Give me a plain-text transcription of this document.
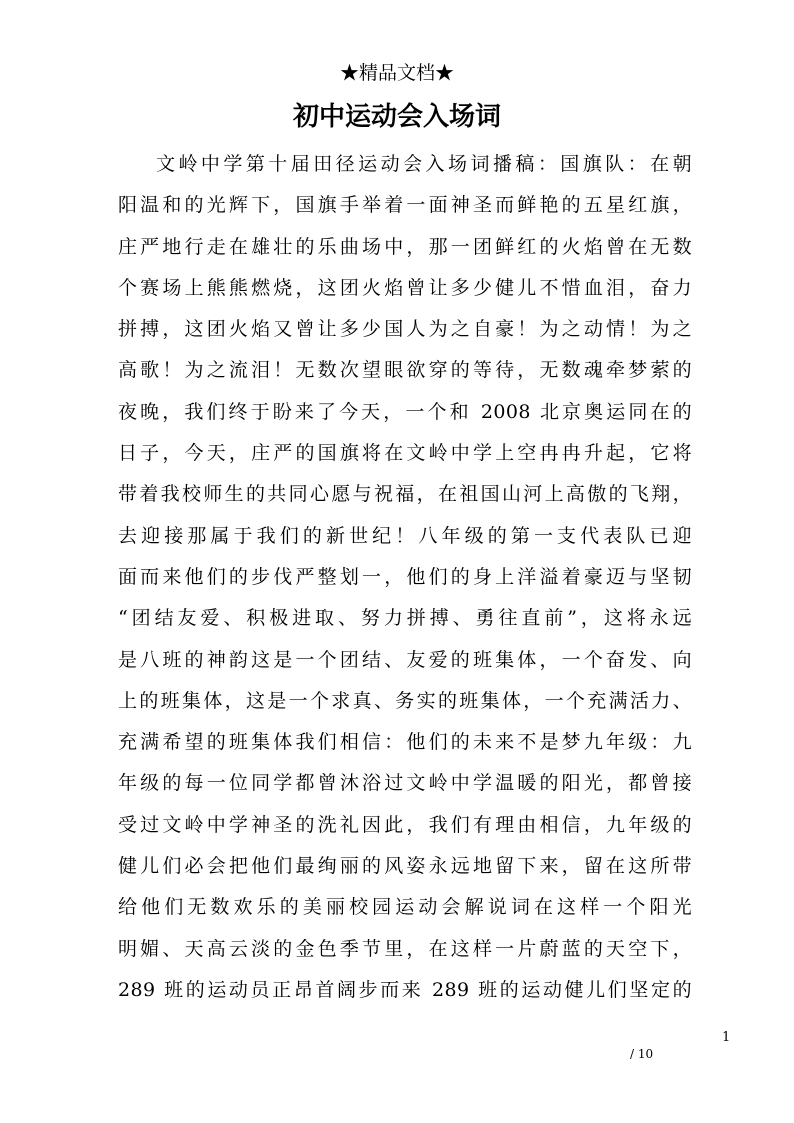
★精品文档★
初中运动会入场词
文岭中学第十届田径运动会入场词播稿：国旗队：在朝
阳温和的光辉下，国旗手举着一面神圣而鲜艳的五星红旗，
庄严地行走在雄壮的乐曲场中，那一团鲜红的火焰曾在无数
个赛场上熊熊燃烧，这团火焰曾让多少健儿不惜血泪，奋力
拼搏，这团火焰又曾让多少国人为之自豪！为之动情！为之
高歌！为之流泪！无数次望眼欲穿的等待，无数魂牵梦萦的
夜晚，我们终于盼来了今天，一个和 2008 北京奥运同在的
日子，今天，庄严的国旗将在文岭中学上空冉冉升起，它将
带着我校师生的共同心愿与祝福，在祖国山河上高傲的飞翔，
去迎接那属于我们的新世纪！八年级的第一支代表队已迎
面而来他们的步伐严整划一，他们的身上洋溢着豪迈与坚韧
“团结友爱、积极进取、努力拼搏、勇往直前”，这将永远
是八班的神韵这是一个团结、友爱的班集体，一个奋发、向
上的班集体，这是一个求真、务实的班集体，一个充满活力、
充满希望的班集体我们相信：他们的未来不是梦九年级：九
年级的每一位同学都曾沐浴过文岭中学温暖的阳光，都曾接
受过文岭中学神圣的洗礼因此，我们有理由相信，九年级的
健儿们必会把他们最绚丽的风姿永远地留下来，留在这所带
给他们无数欢乐的美丽校园运动会解说词在这样一个阳光
明媚、天高云淡的金色季节里，在这样一片蔚蓝的天空下，
289 班的运动员正昂首阔步而来 289 班的运动健儿们坚定的
1
/ 10
